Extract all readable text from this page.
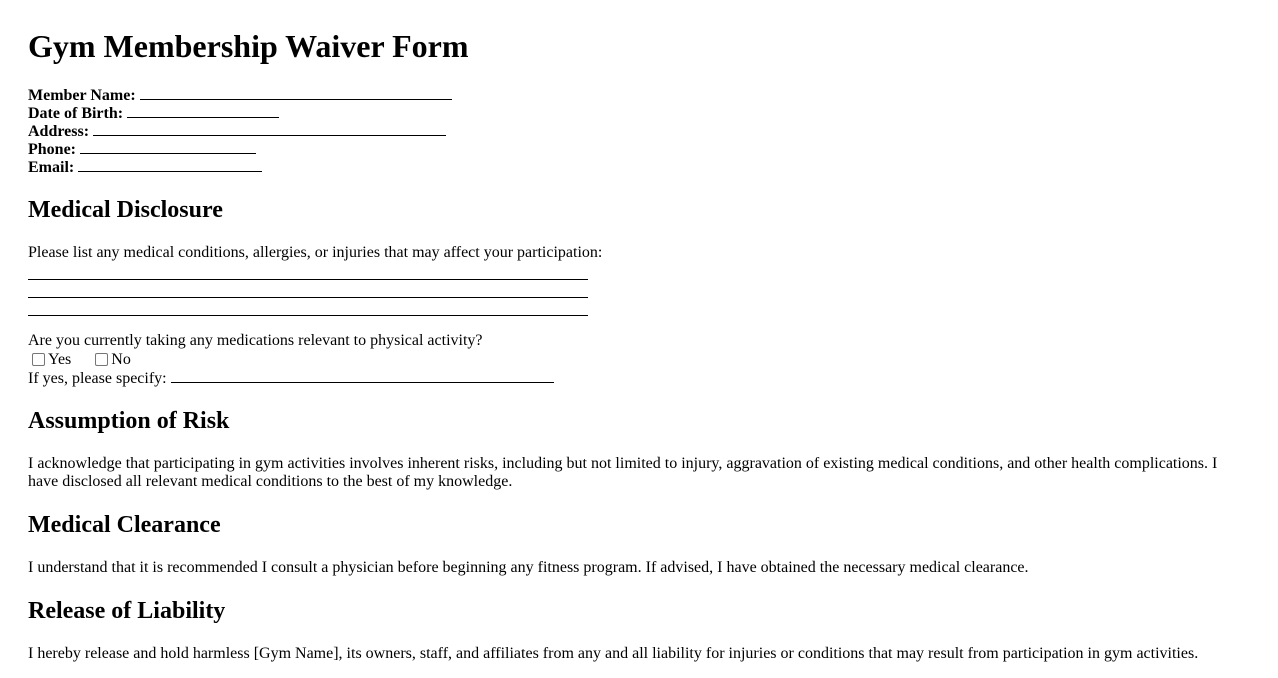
Gym Membership Waiver Form
Member Name:
Date of Birth:
Address:
Phone:
Email:
Medical Disclosure
Please list any medical conditions, allergies, or injuries that may affect your participation:
Are you currently taking any medications relevant to physical activity?
Yes	No
If yes, please specify:
Assumption of Risk

I acknowledge that participating in gym activities involves inherent risks, including but not limited to injury, aggravation of existing medical conditions, and other health complications. I have disclosed all relevant medical conditions to the best of my knowledge.

Medical Clearance

I understand that it is recommended I consult a physician before beginning any fitness program. If advised, I have obtained the necessary medical clearance.

Release of Liability

I hereby release and hold harmless [Gym Name], its owners, staff, and affiliates from any and all liability for injuries or conditions that may result from participation in gym activities.
